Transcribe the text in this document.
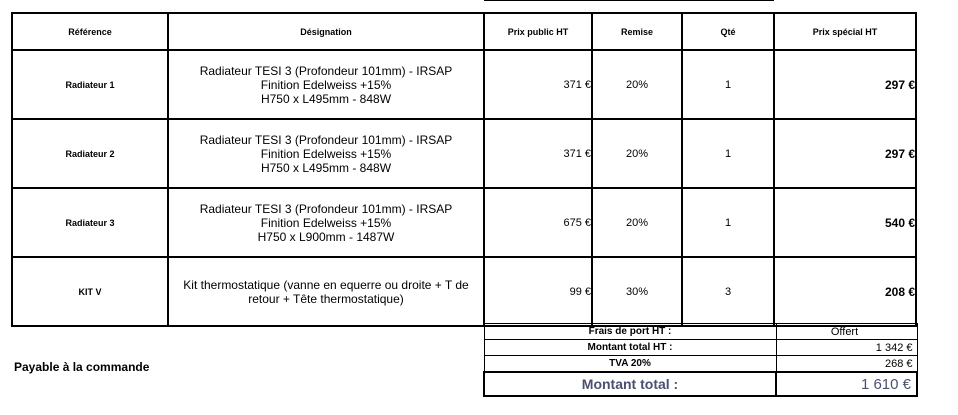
Référence	Désignation	Prix public HT	Remise	Qté	Prix spécial HT
Radiateur 1	Radiateur TESI 3 (Profondeur 101mm) - IRSAP
Finition Edelweiss +15%
H750 x L495mm - 848W	371 €	20%	1	297 €
Radiateur 2	Radiateur TESI 3 (Profondeur 101mm) - IRSAP
Finition Edelweiss +15%
H750 x L495mm - 848W	371 €	20%	1	297 €
Radiateur 3	Radiateur TESI 3 (Profondeur 101mm) - IRSAP
Finition Edelweiss +15%
H750 x L900mm - 1487W	675 €	20%	1	540 €
KIT V	Kit thermostatique (vanne en equerre ou droite + T de
retour + Tête thermostatique)	99 €	30%	3	208 €
Frais de port HT :	Offert
Montant total HT :	1 342 €
TVA 20%	268 €
Montant total :	1 610 €
Payable à la commande
